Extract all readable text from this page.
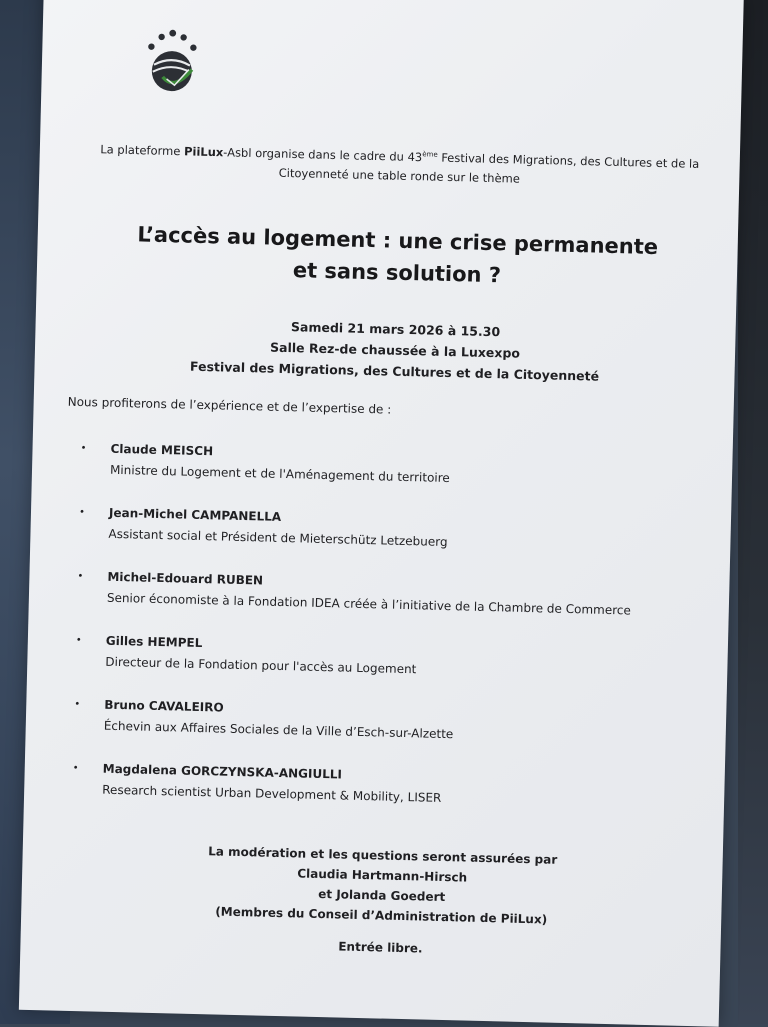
La plateforme PiiLux-Asbl organise dans le cadre du 43ème Festival des Migrations, des Cultures et de la
Citoyenneté une table ronde sur le thème
L’accès au logement : une crise permanente
et sans solution ?
Samedi 21 mars 2026 à 15.30
Salle Rez-de chaussée à la Luxexpo
Festival des Migrations, des Cultures et de la Citoyenneté
Nous profiterons de l’expérience et de l’expertise de :
• Claude MEISCH
Ministre du Logement et de l'Aménagement du territoire
• Jean-Michel CAMPANELLA
Assistant social et Président de Mieterschütz Letzebuerg
• Michel-Edouard RUBEN
Senior économiste à la Fondation IDEA créée à l’initiative de la Chambre de Commerce
• Gilles HEMPEL
Directeur de la Fondation pour l'accès au Logement
• Bruno CAVALEIRO
Échevin aux Affaires Sociales de la Ville d’Esch-sur-Alzette
• Magdalena GORCZYNSKA-ANGIULLI
Research scientist Urban Development & Mobility, LISER
La modération et les questions seront assurées par
Claudia Hartmann-Hirsch
et Jolanda Goedert
(Membres du Conseil d’Administration de PiiLux)
Entrée libre.
